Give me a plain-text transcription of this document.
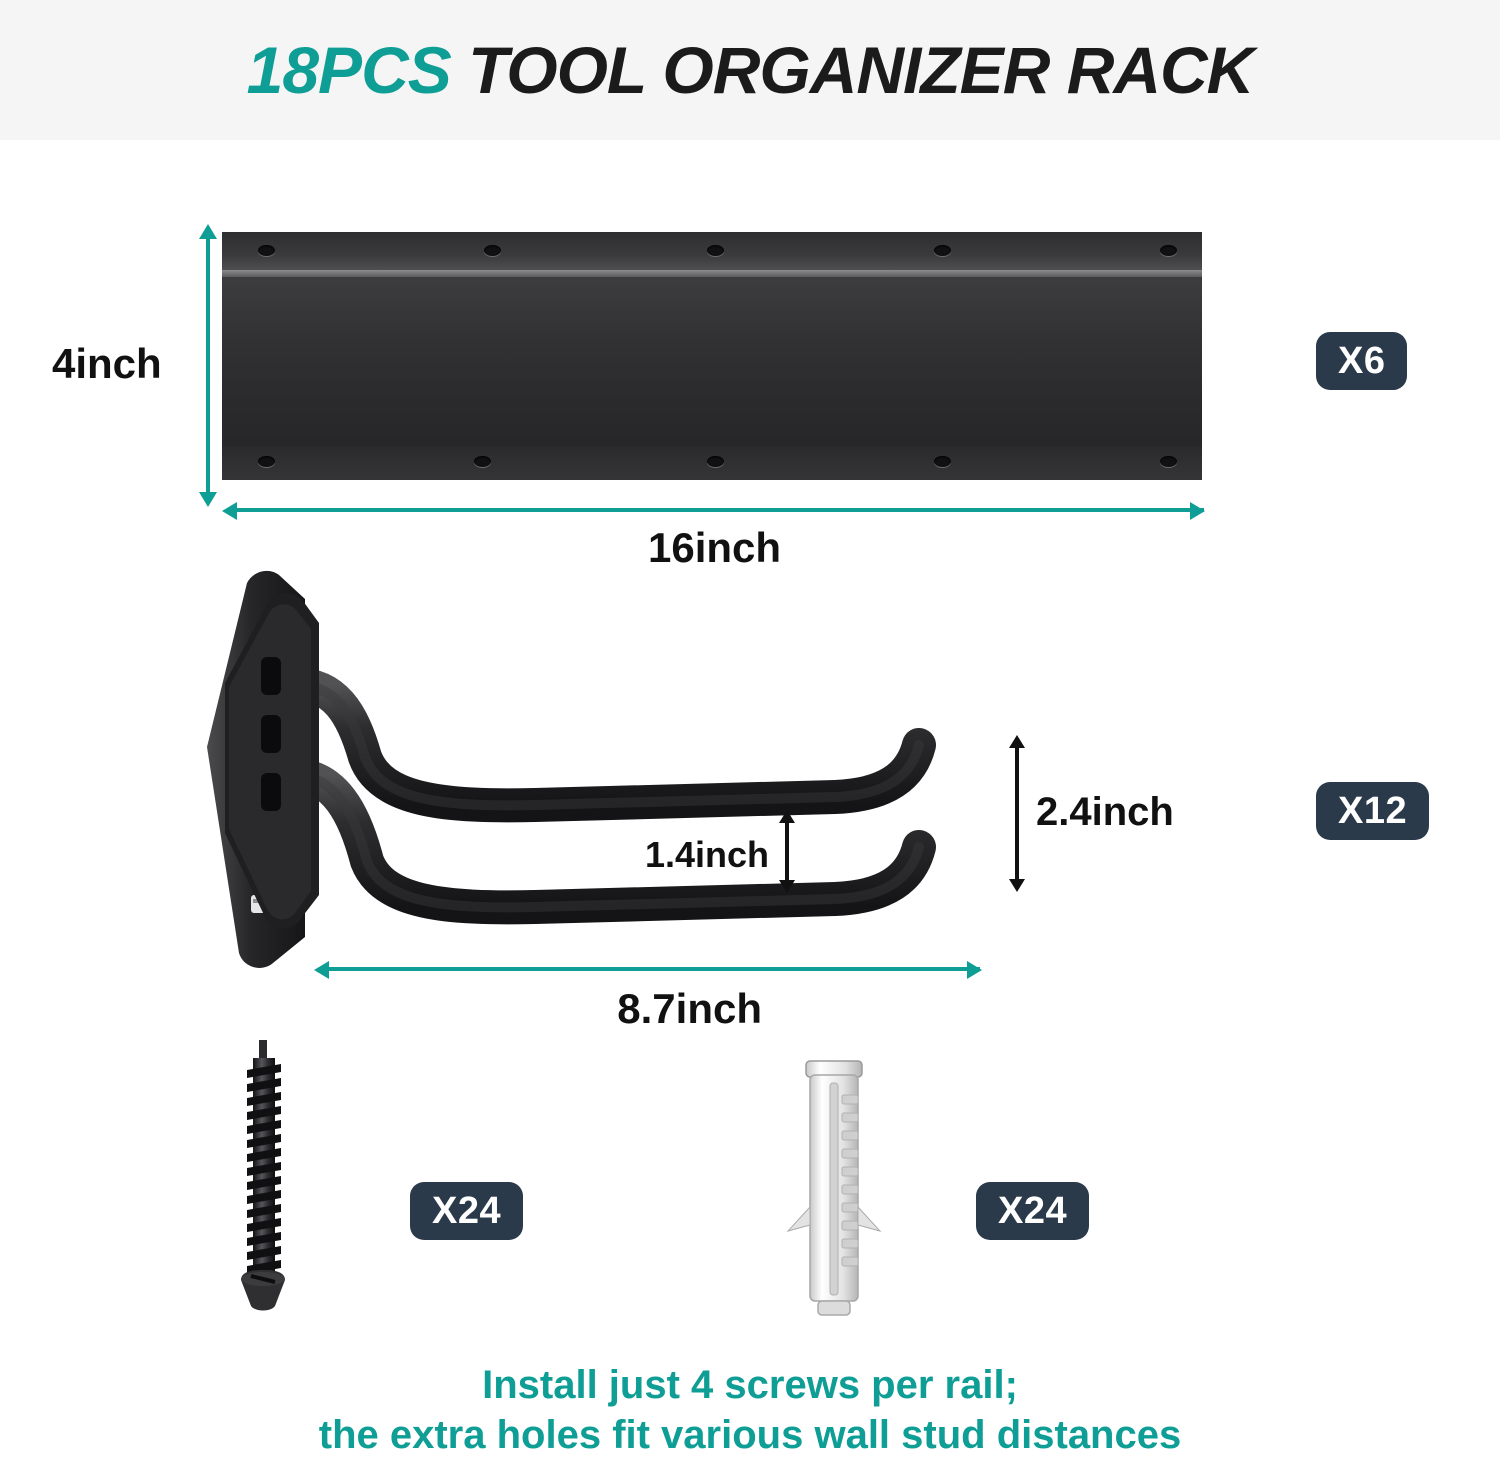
18PCS TOOL ORGANIZER RACK
4inch
16inch
X6
2.4inch
1.4inch
8.7inch
X12
X24	X24
Install just 4 screws per rail;
the extra holes fit various wall stud distances
